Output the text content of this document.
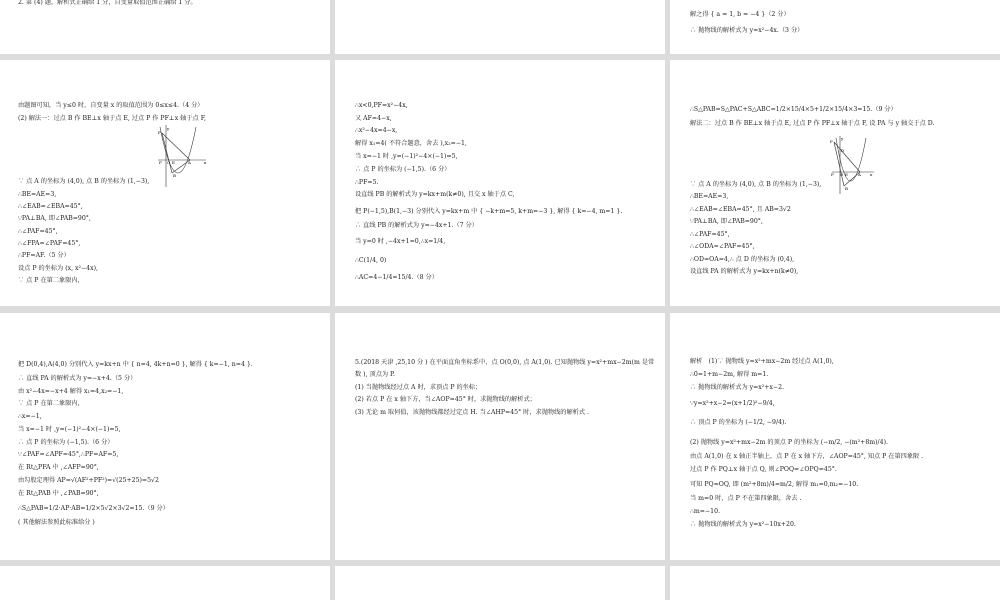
2. 第 (4) 题，解析式正确给 1 分，自变量取值范围正确给 1 分。
解之得 { a = 1, b = −4 }（2 分）
∴ 抛物线的解析式为 y=x²−4x.（3 分）
由题图可知，当 y≤0 时，自变量 x 的取值范围为 0≤x≤4.（4 分）
(2) 解法一：过点 B 作 BE⊥x 轴于点 E, 过点 P 作 PF⊥x 轴于点 F,
y
P
F O E	A	x
B
∵ 点 A 的坐标为 (4,0), 点 B 的坐标为 (1,−3),
∴BE=AE=3,
∴∠EAB=∠EBA=45°,
∵PA⊥BA, 即∠PAB=90°,
∴∠PAF=45°,
∴∠FPA=∠PAF=45°,
∴PF=AF.（5 分）
设点 P 的坐标为 (x, x²−4x),
∵ 点 P 在第二象限内，
∴x<0,PF=x²−4x,
又 AF=4−x,
∴x²−4x=4−x,
解得 x₁=4( 不符合题意，舍去 ),x₂=−1,
当 x=−1 时 ,y=(−1)²−4×(−1)=5,
∴ 点 P 的坐标为 (−1,5).（6 分）
∴PF=5.
设直线 PB 的解析式为 y=kx+m(k≠0), 且交 x 轴于点 C,
把 P(−1,5),B(1,−3) 分别代入 y=kx+m 中 { −k+m=5, k+m=−3 }, 解得 { k=−4, m=1 }.
∴ 直线 PB 的解析式为 y=−4x+1.（7 分）
当 y=0 时 ,−4x+1=0,∴x=1/4,
∴C(1/4, 0)
∴AC=4−1/4=15/4.（8 分）
∴S△PAB=S△PAC+S△ABC=1/2×15/4×5+1/2×15/4×3=15.（9 分）
解法二：过点 B 作 BE⊥x 轴于点 E, 过点 P 作 PF⊥x 轴于点 F, 设 PA 与 y 轴交于点 D.
y
P
D
F O E	A x
B
∵ 点 A 的坐标为 (4,0), 点 B 的坐标为 (1,−3),
∴BE=AE=3,
∴∠EAB=∠EBA=45°, 且 AB=3√2
∵PA⊥BA, 即∠PAB=90°,
∴∠PAF=45°,
∴∠ODA=∠PAF=45°,
∴OD=OA=4,∴ 点 D 的坐标为 (0,4),
设直线 PA 的解析式为 y=kx+n(k≠0),
把 D(0,4),A(4,0) 分别代入 y=kx+n 中 { n=4, 4k+n=0 }, 解得 { k=−1, n=4 }.
∴ 直线 PA 的解析式为 y=−x+4.（5 分）
由 x²−4x=−x+4 解得 x₁=4,x₂=−1,
∵ 点 P 在第二象限内，
∴x=−1,
当 x=−1 时 ,y=(−1)²−4×(−1)=5,
∴ 点 P 的坐标为 (−1,5).（6 分）
∵∠PAF=∠APF=45°,∴PF=AF=5,
在 Rt△PFA 中 ,∠AFP=90°,
由勾股定理得 AP=√(AF²+PF²)=√(25+25)=5√2
在 Rt△PAB 中 ,∠PAB=90°,
∴S△PAB=1/2·AP·AB=1/2×5√2×3√2=15.（9 分）
( 其他解法参照此标准给分 )
5.(2018 天津 ,25,10 分 ) 在平面直角坐标系中，点 O(0,0), 点 A(1,0). 已知抛物线 y=x²+mx−2m(m 是常
数 ), 顶点为 P.
(1) 当抛物线经过点 A 时，求顶点 P 的坐标；
(2) 若点 P 在 x 轴下方，当∠AOP=45° 时，求抛物线的解析式；
(3) 无论 m 取何值，该抛物线都经过定点 H. 当∠AHP=45° 时，求抛物线的解析式 .
解析　(1)∵ 抛物线 y=x²+mx−2m 经过点 A(1,0),
∴0=1+m−2m, 解得 m=1.
∴ 抛物线的解析式为 y=x²+x−2.
∵y=x²+x−2=(x+1/2)²−9/4,
∴ 顶点 P 的坐标为 (−1/2, −9/4).
(2) 抛物线 y=x²+mx−2m 的顶点 P 的坐标为 (−m/2, −(m²+8m)/4).
由点 A(1,0) 在 x 轴正半轴上，点 P 在 x 轴下方，∠AOP=45°, 知点 P 在第四象限 .
过点 P 作 PQ⊥x 轴于点 Q, 则∠POQ=∠OPQ=45°.
可知 PQ=OQ, 即 (m²+8m)/4=m/2, 解得 m₁=0,m₂=−10.
当 m=0 时，点 P 不在第四象限，舍去 .
∴m=−10.
∴ 抛物线的解析式为 y=x²−10x+20.
